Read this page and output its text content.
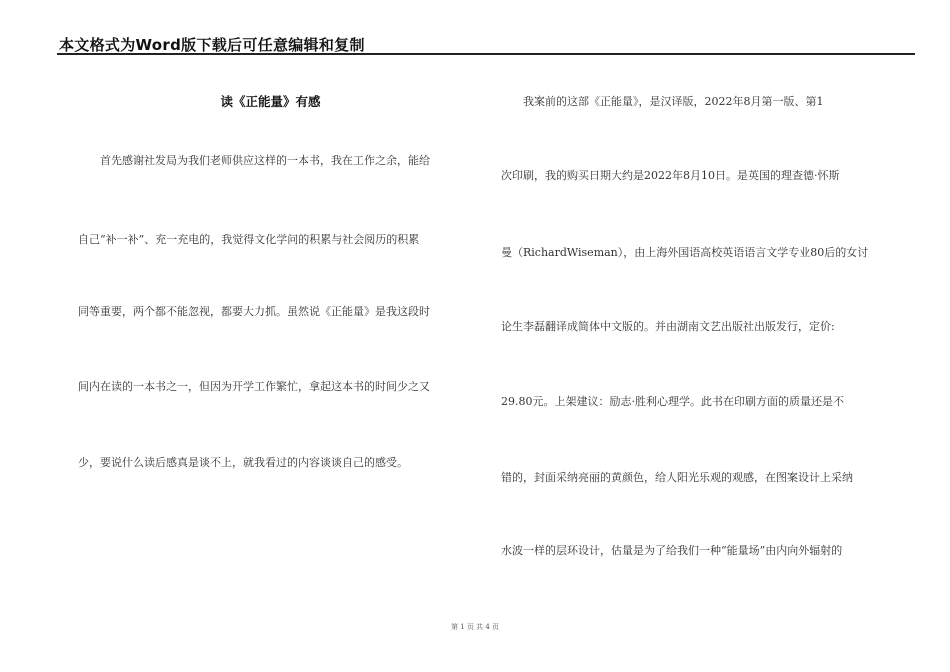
本文格式为Word版下载后可任意编辑和复制
读《正能量》有感
　　首先感谢社发局为我们老师供应这样的一本书，我在工作之余，能给
自己“补一补”、充一充电的，我觉得文化学问的积累与社会阅历的积累
同等重要，两个都不能忽视，都要大力抓。虽然说《正能量》是我这段时
间内在读的一本书之一，但因为开学工作繁忙，拿起这本书的时间少之又
少，要说什么读后感真是谈不上，就我看过的内容谈谈自己的感受。
　　我案前的这部《正能量》，是汉译版，2022年8月第一版、第1
次印刷，我的购买日期大约是2022年8月10日。是英国的理查德·怀斯
曼（RichardWiseman），由上海外国语高校英语语言文学专业80后的女讨
论生李磊翻译成简体中文版的。并由湖南文艺出版社出版发行，定价:
29.80元。上架建议：励志·胜利心理学。此书在印刷方面的质量还是不
错的，封面采纳亮丽的黄颜色，给人阳光乐观的观感，在图案设计上采纳
水波一样的层环设计，估量是为了给我们一种“能量场”由内向外辐射的
第 1 页 共 4 页
